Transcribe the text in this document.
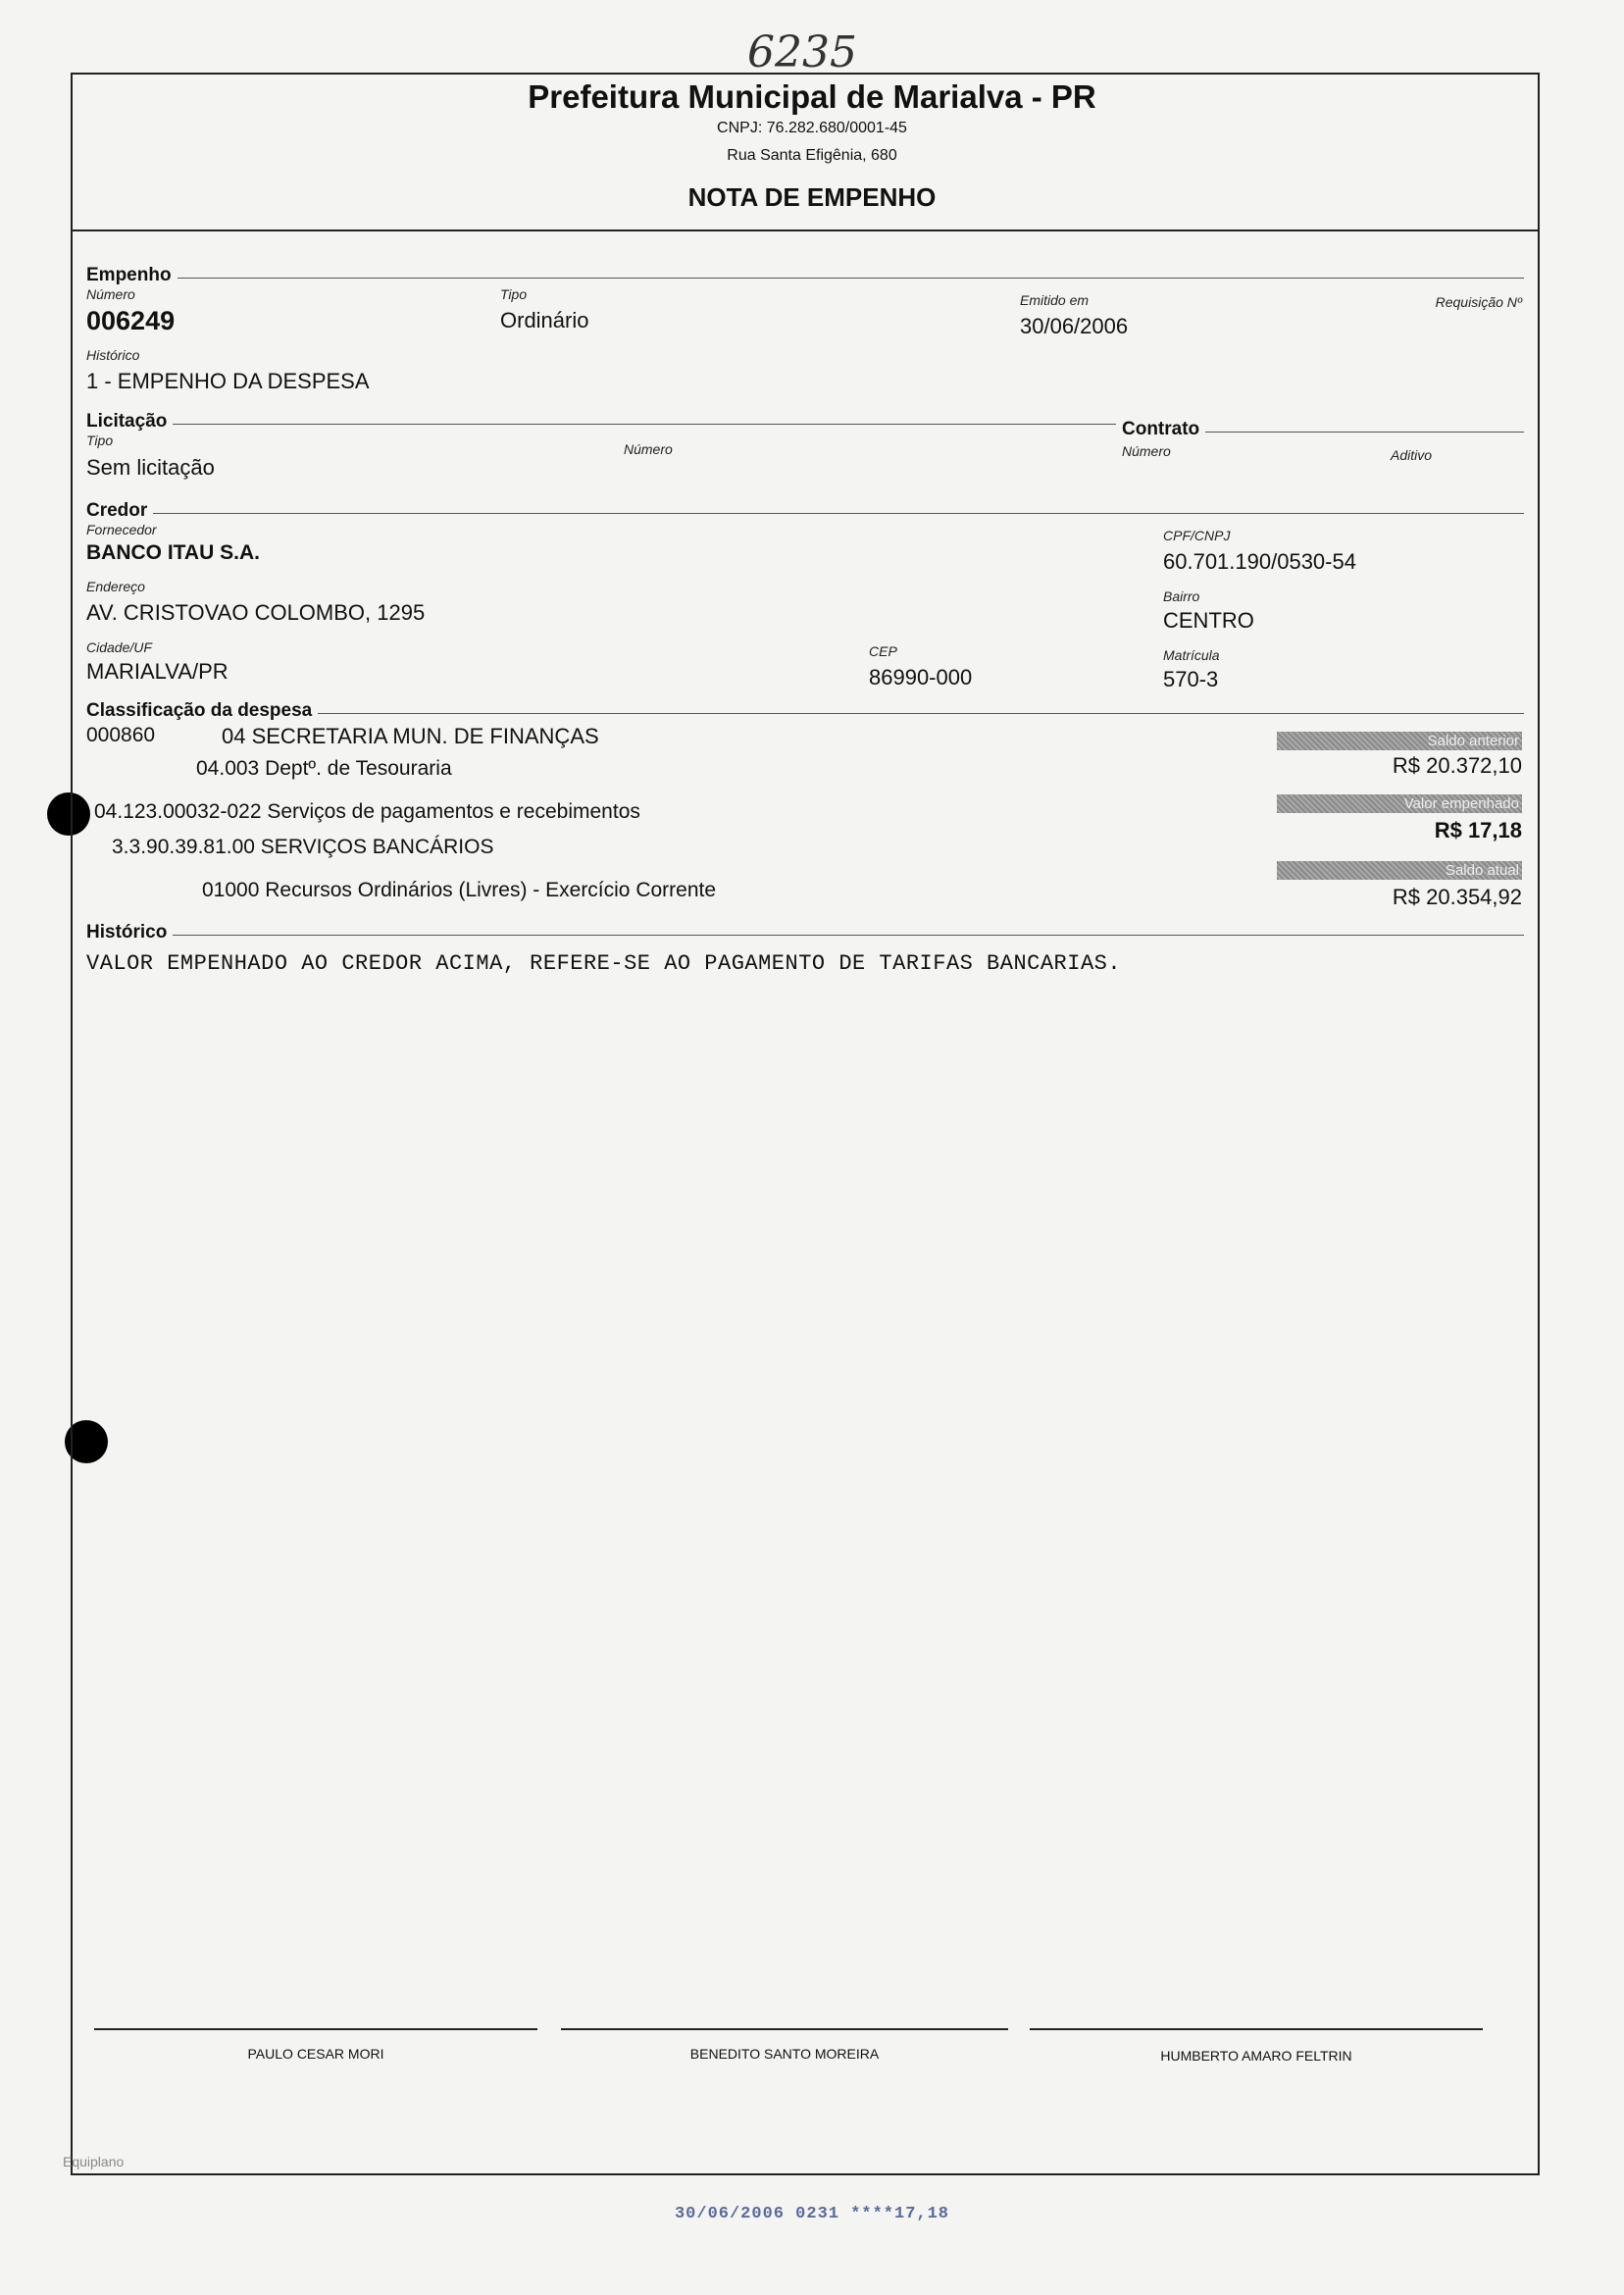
6235
Prefeitura Municipal de Marialva - PR
CNPJ: 76.282.680/0001-45
Rua Santa Efigênia, 680
NOTA DE EMPENHO
Empenho
Número
006249
Tipo
Ordinário
Emitido em
30/06/2006
Requisição Nº
Histórico
1 - EMPENHO DA DESPESA
Licitação
Tipo
Sem licitação
Número
Contrato
Número	Aditivo
Credor
Fornecedor
BANCO ITAU S.A.
CPF/CNPJ
60.701.190/0530-54
Endereço
AV. CRISTOVAO COLOMBO, 1295
Bairro
CENTRO
Cidade/UF
MARIALVA/PR
CEP
86990-000
Matrícula
570-3
Classificação da despesa
000860	04 SECRETARIA MUN. DE FINANÇAS
04.003 Deptº. de Tesouraria
04.123.00032-022 Serviços de pagamentos e recebimentos
3.3.90.39.81.00 SERVIÇOS BANCÁRIOS
01000 Recursos Ordinários (Livres) - Exercício Corrente
Saldo anterior
R$ 20.372,10
Valor empenhado
R$ 17,18
Saldo atual
R$ 20.354,92
Histórico
VALOR EMPENHADO AO CREDOR ACIMA, REFERE-SE AO PAGAMENTO DE TARIFAS BANCARIAS.
PAULO CESAR MORI	BENEDITO SANTO MOREIRA	HUMBERTO AMARO FELTRIN
Equiplano
30/06/2006 0231 ****17,18
